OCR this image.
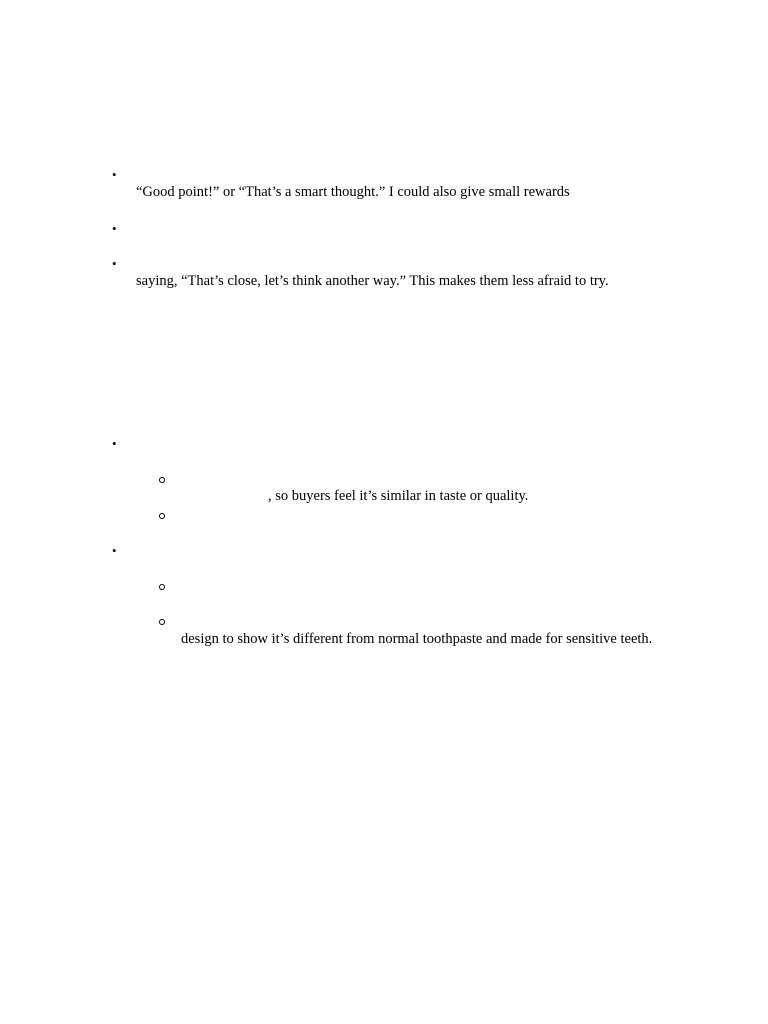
•
“Good point!” or “That’s a smart thought.” I could also give small rewards
•
•
saying, “That’s close, let’s think another way.” This makes them less afraid to try.
•
, so buyers feel it’s similar in taste or quality.
•
design to show it’s different from normal toothpaste and made for sensitive teeth.
